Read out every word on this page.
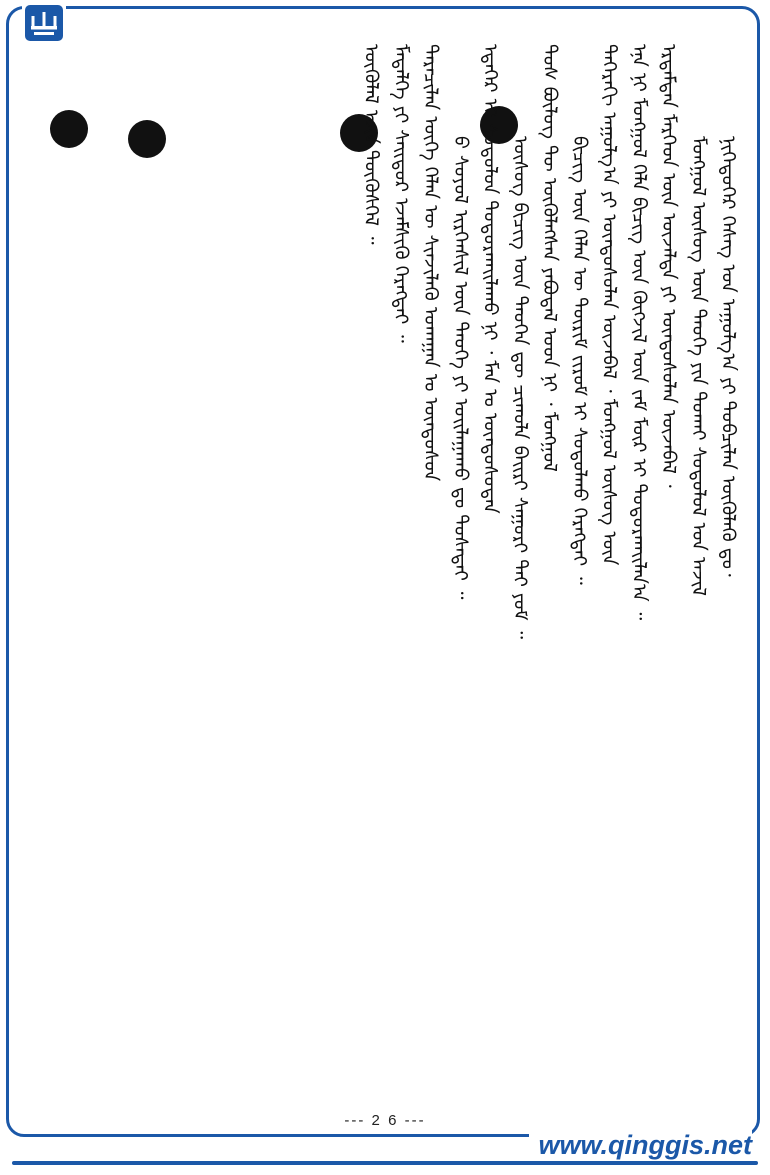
ᠦᠭᠦᠯᠡᠯ ᠦᠨ ᠲᠥᠭᠦᠰᠭᠡᠯ ᠃ ᠮᠡᠳᠡᠯᠭᠡ ᠶᠢ ᠰᠠᠢᠲᠤᠷ ᠡᠵᠡᠮᠰᠢᠬᠦ ᠬᠡᠷᠡᠭᠲᠡᠢ ᠃ ᠲᠡᠷᠡᠴᠢᠯᠡᠨ ᠦᠭᠡ ᠬᠡᠯᠡᠨ ᠦ ᠰᠢᠨᠵᠢᠯᠡᠬᠦ ᠤᠬᠠᠭᠠᠨ ᠤ ᠦᠨᠳᠦᠰᠦᠨ ᠤ᠋ ᠰᠤᠶᠤᠯ ᠢᠷᠭᠡᠨᠰᠢᠯ ᠦᠨ ᠲᠡᠦᠬᠡ ᠶᠢ ᠣᠢᠯᠠᠭᠠᠬᠤ ᠳᠤ ᠲᠤᠰᠠᠲᠠᠢ ᠃ ᠡᠳᠡᠭᠡᠷ ᠢ ᠰᠤᠳᠤᠯᠤᠨ ᠲᠣᠳᠤᠷᠬᠠᠢᠯᠠᠬᠤ ᠨᠢ ᠂ ᠮᠠᠨ ᠤ ᠦᠨᠳᠦᠰᠦᠲᠡᠨ ᠦᠰᠦᠭ ᠪᠢᠴᠢᠭ ᠦᠨ ᠲᠡᠦᠬᠡᠨ ᠳᠦ ᠴᠢᠬᠤᠯᠠ ᠪᠠᠢᠷᠢ ᠰᠠᠭᠤᠷᠢ ᠲᠠᠢ ᠶᠤᠮ ᠃ ᠲᠤᠰ ᠪᠦᠯᠦᠭ ᠲᠦ ᠦᠭᠦᠯᠡᠭᠰᠡᠨ ᠶᠠᠪᠤᠳᠠᠯ ᠤᠳ ᠨᠢ ᠂ ᠮᠣᠩᠭᠤᠯ ᠪᠢᠴᠢᠭ ᠦᠨ ᠬᠡᠯᠡᠨ ᠦ ᠳᠦᠷᠢᠮ ᠵᠢᠷᠤᠮ ᠢ ᠰᠤᠳᠤᠯᠬᠤ ᠬᠡᠷᠡᠭᠲᠡᠢ ᠃ ᠳᠡᠭᠡᠷᠡᠬᠢ ᠠᠭᠤᠯᠭ᠎ᠠ ᠶᠢ ᠦᠨᠳᠦᠰᠦᠯᠡᠨ ᠦᠵᠡᠪᠡᠯ ᠂ ᠮᠣᠩᠭᠤᠯ ᠦᠰᠦᠭ ᠦᠨ ᠡᠨᠡ ᠨᠢ ᠮᠣᠩᠭᠤᠯ ᠬᠡᠯᠡ ᠪᠢᠴᠢᠭ ᠦᠨ ᠬᠥᠭᠵᠢᠯ ᠦᠨ ᠵᠠᠮ ᠮᠥᠷ ᠢ ᠲᠣᠳᠤᠷᠬᠠᠢᠯᠠᠨ᠎ᠠ ᠃ ᠡᠷᠳᠡᠮᠲᠡᠨ ᠮᠡᠷᠭᠡᠳ ᠦᠨ ᠦᠵᠡᠯᠲᠡ ᠶᠢ ᠦᠨᠳᠦᠰᠦᠯᠡᠨ ᠦᠵᠡᠪᠡᠯ ᠂ ᠮᠣᠩᠭᠤᠯ ᠦᠰᠦᠭ ᠦᠨ ᠲᠡᠦᠬᠡ ᠶᠢᠨ ᠲᠤᠬᠠᠢ ᠰᠤᠳᠤᠯᠤᠯ ᠤᠨ ᠠᠵᠢᠯ ᠨᠢᠭᠡᠳᠦᠭᠡᠷ ᠬᠡᠰᠡᠭ ᠤᠨ ᠠᠭᠤᠯᠭ᠎ᠠ ᠶᠢ ᠲᠣᠪᠴᠢᠯᠠᠨ ᠦᠭᠦᠯᠡᠬᠦ ᠳᠤ᠂
--- 2 6 ---
www.qinggis.net
